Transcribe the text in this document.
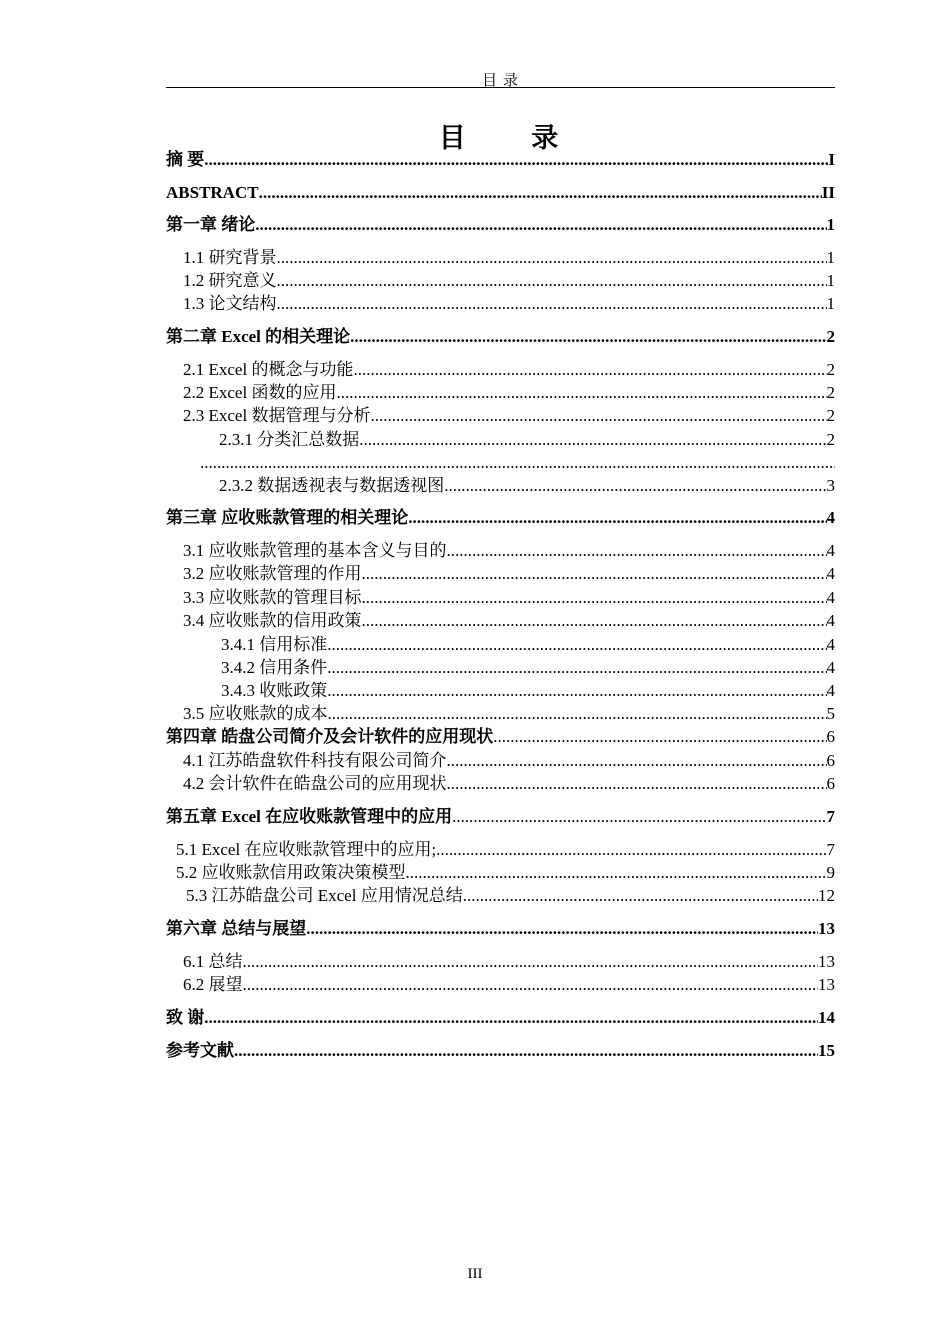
目 录
目 录
摘 要 .....	I
ABSTRACT .....	II
第一章 绪论 .....	1
1.1 研究背景 .....	1
1.2 研究意义 .....	1
1.3 论文结构 .....	1
第二章 Excel 的相关理论 .....	2
2.1 Excel 的概念与功能 .....	2
2.2 Excel 函数的应用 .....	2
2.3 Excel 数据管理与分析 .....	2
2.3.1 分类汇总数据 .....	2
.....
2.3.2 数据透视表与数据透视图 .....	3
第三章 应收账款管理的相关理论 .....	4
3.1 应收账款管理的基本含义与目的 .....	4
3.2 应收账款管理的作用 .....	4
3.3 应收账款的管理目标 .....	4
3.4 应收账款的信用政策 .....	4
3.4.1 信用标准 .....	4
3.4.2 信用条件 .....	4
3.4.3 收账政策 .....	4
3.5 应收账款的成本 .....	5
第四章 皓盘公司简介及会计软件的应用现状 .....	6
4.1 江苏皓盘软件科技有限公司简介 .....	6
4.2 会计软件在皓盘公司的应用现状 .....	6
第五章 Excel 在应收账款管理中的应用 .....	7
5.1 Excel 在应收账款管理中的应用; .....	7
5.2 应收账款信用政策决策模型 .....	9
5.3 江苏皓盘公司 Excel 应用情况总结 .....	12
第六章 总结与展望 .....	13
6.1 总结 .....	13
6.2 展望 .....	13
致 谢 .....	14
参考文献 .....	15
III
